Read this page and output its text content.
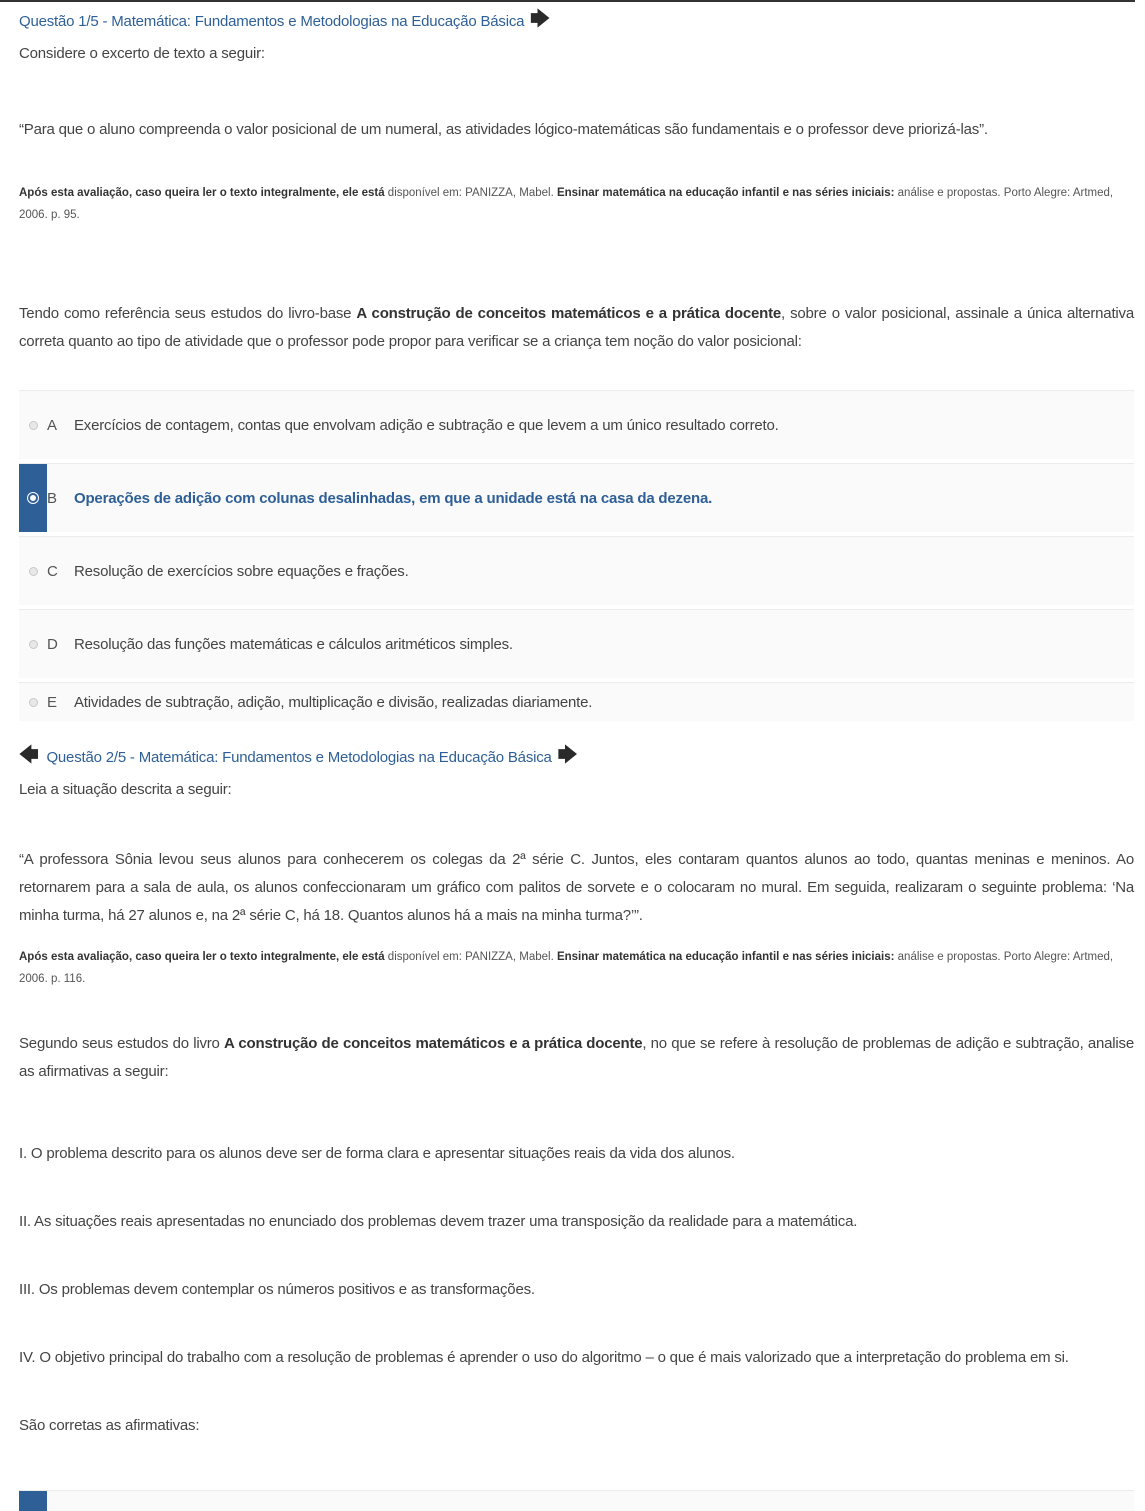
Questão 1/5 - Matemática: Fundamentos e Metodologias na Educação Básica 🡆
Considere o excerto de texto a seguir:
“Para que o aluno compreenda o valor posicional de um numeral, as atividades lógico-matemáticas são fundamentais e o professor deve priorizá-las”.
Após esta avaliação, caso queira ler o texto integralmente, ele está disponível em: PANIZZA, Mabel. Ensinar matemática na educação infantil e nas séries iniciais: análise e propostas. Porto Alegre: Artmed, 2006. p. 95.
Tendo como referência seus estudos do livro-base A construção de conceitos matemáticos e a prática docente, sobre o valor posicional, assinale a única alternativa correta quanto ao tipo de atividade que o professor pode propor para verificar se a criança tem noção do valor posicional:
A	Exercícios de contagem, contas que envolvam adição e subtração e que levem a um único resultado correto.
B	Operações de adição com colunas desalinhadas, em que a unidade está na casa da dezena.
C	Resolução de exercícios sobre equações e frações.
D	Resolução das funções matemáticas e cálculos aritméticos simples.
E	Atividades de subtração, adição, multiplicação e divisão, realizadas diariamente.
🡄 Questão 2/5 - Matemática: Fundamentos e Metodologias na Educação Básica 🡆
Leia a situação descrita a seguir:
“A professora Sônia levou seus alunos para conhecerem os colegas da 2ª série C. Juntos, eles contaram quantos alunos ao todo, quantas meninas e meninos. Ao retornarem para a sala de aula, os alunos confeccionaram um gráfico com palitos de sorvete e o colocaram no mural. Em seguida, realizaram o seguinte problema: ‘Na minha turma, há 27 alunos e, na 2ª série C, há 18. Quantos alunos há a mais na minha turma?’”.
Após esta avaliação, caso queira ler o texto integralmente, ele está disponível em: PANIZZA, Mabel. Ensinar matemática na educação infantil e nas séries iniciais: análise e propostas. Porto Alegre: Artmed, 2006. p. 116.
Segundo seus estudos do livro A construção de conceitos matemáticos e a prática docente, no que se refere à resolução de problemas de adição e subtração, analise as afirmativas a seguir:
I. O problema descrito para os alunos deve ser de forma clara e apresentar situações reais da vida dos alunos.
II. As situações reais apresentadas no enunciado dos problemas devem trazer uma transposição da realidade para a matemática.
III. Os problemas devem contemplar os números positivos e as transformações.
IV. O objetivo principal do trabalho com a resolução de problemas é aprender o uso do algoritmo – o que é mais valorizado que a interpretação do problema em si.
São corretas as afirmativas:
